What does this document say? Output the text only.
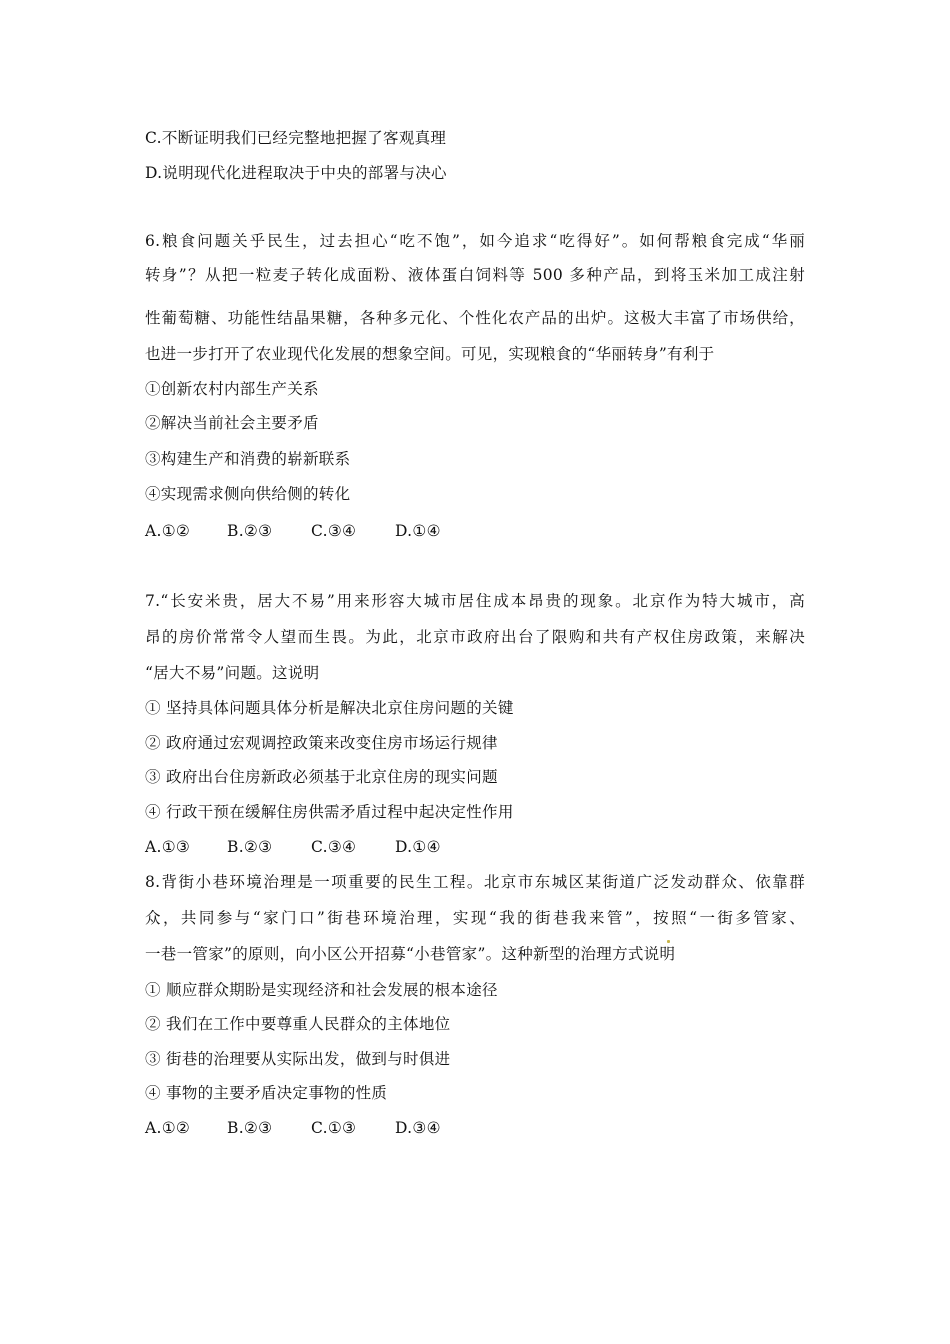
C.不断证明我们已经完整地把握了客观真理
D.说明现代化进程取决于中央的部署与决心
6.粮食问题关乎民生，过去担心“吃不饱”，如今追求“吃得好”。如何帮粮食完成“华丽
转身”？从把一粒麦子转化成面粉、液体蛋白饲料等 500 多种产品，到将玉米加工成注射
性葡萄糖、功能性结晶果糖，各种多元化、个性化农产品的出炉。这极大丰富了市场供给，
也进一步打开了农业现代化发展的想象空间。可见，实现粮食的“华丽转身”有利于
①创新农村内部生产关系
②解决当前社会主要矛盾
③构建生产和消费的崭新联系
④实现需求侧向供给侧的转化
A.①② B.②③ C.③④	D.①④
7.“长安米贵，居大不易”用来形容大城市居住成本昂贵的现象。北京作为特大城市，高
昂的房价常常令人望而生畏。为此，北京市政府出台了限购和共有产权住房政策，来解决
“居大不易”问题。这说明
① 坚持具体问题具体分析是解决北京住房问题的关键
② 政府通过宏观调控政策来改变住房市场运行规律
③ 政府出台住房新政必须基于北京住房的现实问题
④ 行政干预在缓解住房供需矛盾过程中起决定性作用
A.①③ B.②③ C.③④	D.①④
8.背街小巷环境治理是一项重要的民生工程。北京市东城区某街道广泛发动群众、依靠群
众，共同参与“家门口”街巷环境治理，实现“我的街巷我来管”，按照“一街多管家、
一巷一管家”的原则，向小区公开招募“小巷管家”。这种新型的治理方式说明
① 顺应群众期盼是实现经济和社会发展的根本途径
② 我们在工作中要尊重人民群众的主体地位
③ 街巷的治理要从实际出发，做到与时俱进
④ 事物的主要矛盾决定事物的性质
A.①② B.②③ C.①③	D.③④
